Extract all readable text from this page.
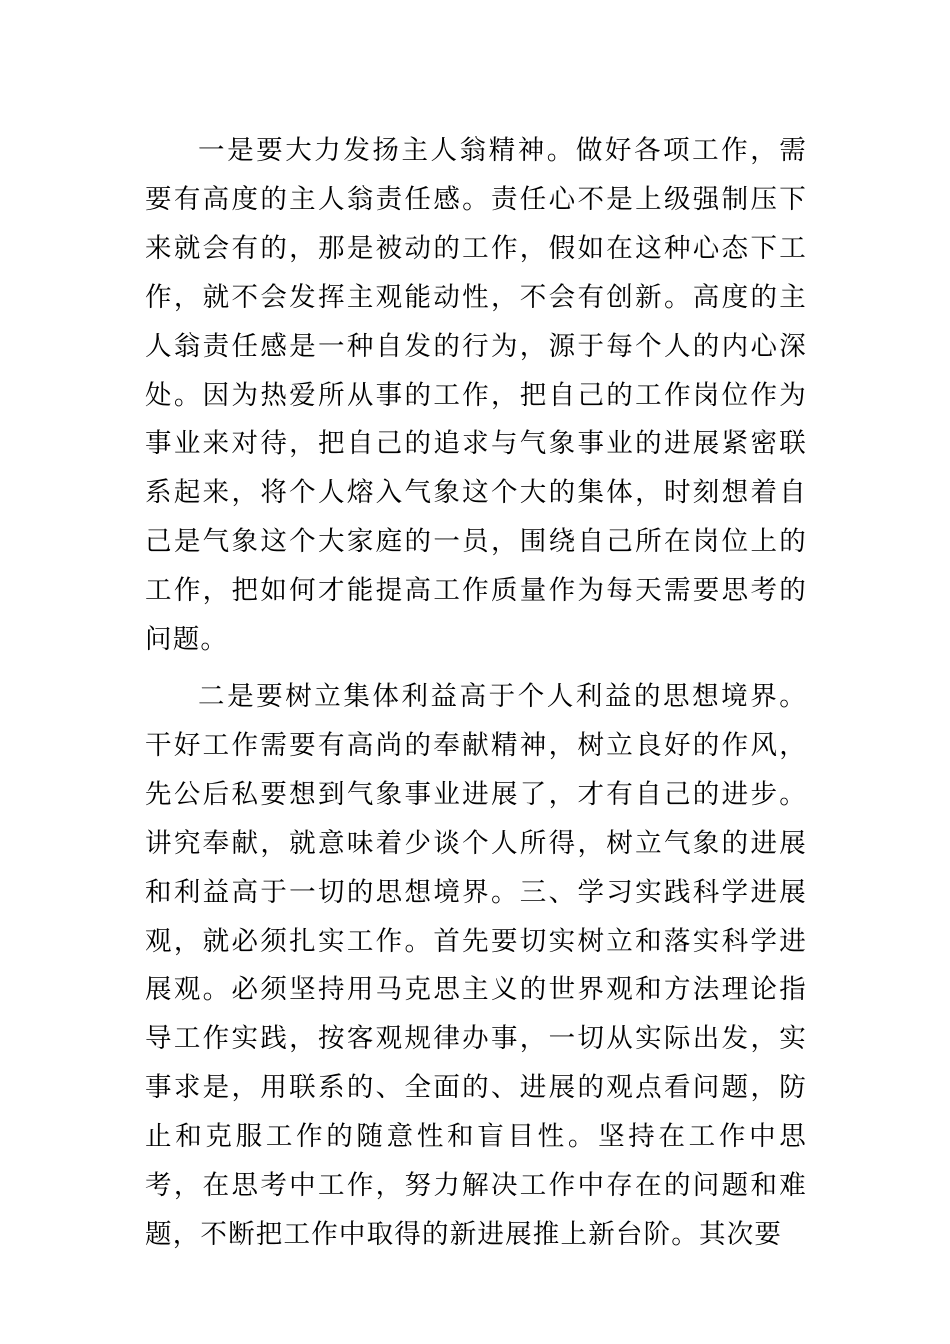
一是要大力发扬主人翁精神。做好各项工作，需要有高度的主人翁责任感。责任心不是上级强制压下来就会有的，那是被动的工作，假如在这种心态下工作，就不会发挥主观能动性，不会有创新。高度的主人翁责任感是一种自发的行为，源于每个人的内心深处。因为热爱所从事的工作，把自己的工作岗位作为事业来对待，把自己的追求与气象事业的进展紧密联系起来，将个人熔入气象这个大的集体，时刻想着自己是气象这个大家庭的一员，围绕自己所在岗位上的工作，把如何才能提高工作质量作为每天需要思考的问题。

二是要树立集体利益高于个人利益的思想境界。干好工作需要有高尚的奉献精神，树立良好的作风，先公后私要想到气象事业进展了，才有自己的进步。讲究奉献，就意味着少谈个人所得，树立气象的进展和利益高于一切的思想境界。三、学习实践科学进展观，就必须扎实工作。首先要切实树立和落实科学进展观。必须坚持用马克思主义的世界观和方法理论指导工作实践，按客观规律办事，一切从实际出发，实事求是，用联系的、全面的、进展的观点看问题，防止和克服工作的随意性和盲目性。坚持在工作中思考，在思考中工作，努力解决工作中存在的问题和难题，不断把工作中取得的新进展推上新台阶。其次要
